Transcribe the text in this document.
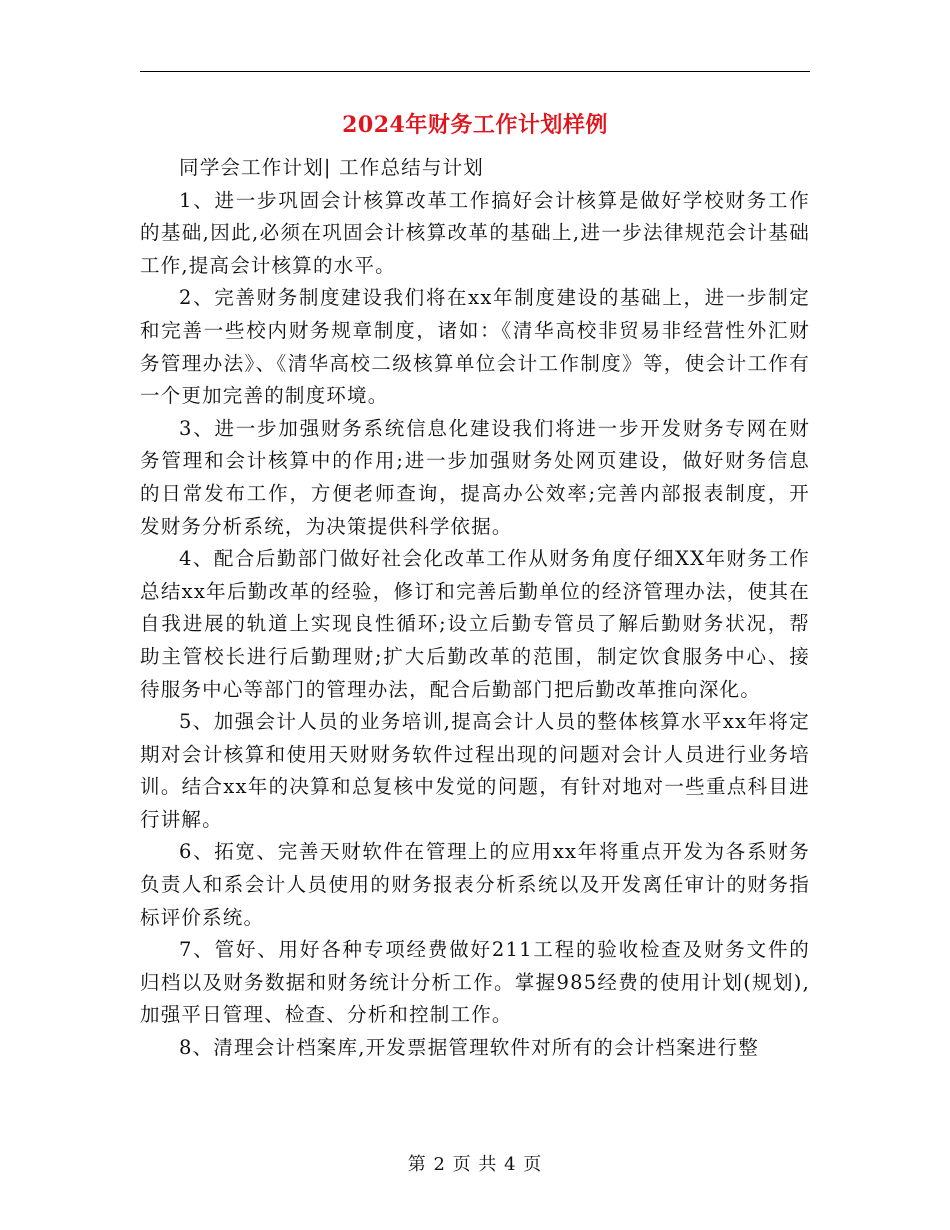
2024年财务工作计划样例

同学会工作计划| 工作总结与计划

1、进一步巩固会计核算改革工作搞好会计核算是做好学校财务工作的基础,因此,必须在巩固会计核算改革的基础上,进一步法律规范会计基础工作,提高会计核算的水平。

2、完善财务制度建设我们将在xx年制度建设的基础上，进一步制定和完善一些校内财务规章制度，诸如：《清华高校非贸易非经营性外汇财务管理办法》、《清华高校二级核算单位会计工作制度》等，使会计工作有一个更加完善的制度环境。

3、进一步加强财务系统信息化建设我们将进一步开发财务专网在财务管理和会计核算中的作用;进一步加强财务处网页建设，做好财务信息的日常发布工作，方便老师查询，提高办公效率;完善内部报表制度，开发财务分析系统，为决策提供科学依据。

4、配合后勤部门做好社会化改革工作从财务角度仔细XX年财务工作总结xx年后勤改革的经验，修订和完善后勤单位的经济管理办法，使其在自我进展的轨道上实现良性循环;设立后勤专管员了解后勤财务状况，帮助主管校长进行后勤理财;扩大后勤改革的范围，制定饮食服务中心、接待服务中心等部门的管理办法，配合后勤部门把后勤改革推向深化。

5、加强会计人员的业务培训,提高会计人员的整体核算水平xx年将定期对会计核算和使用天财财务软件过程出现的问题对会计人员进行业务培训。结合xx年的决算和总复核中发觉的问题，有针对地对一些重点科目进行讲解。

6、拓宽、完善天财软件在管理上的应用xx年将重点开发为各系财务负责人和系会计人员使用的财务报表分析系统以及开发离任审计的财务指标评价系统。

7、管好、用好各种专项经费做好211工程的验收检查及财务文件的归档以及财务数据和财务统计分析工作。掌握985经费的使用计划(规划),加强平日管理、检查、分析和控制工作。

8、清理会计档案库,开发票据管理软件对所有的会计档案进行整

第 2 页 共 4 页
